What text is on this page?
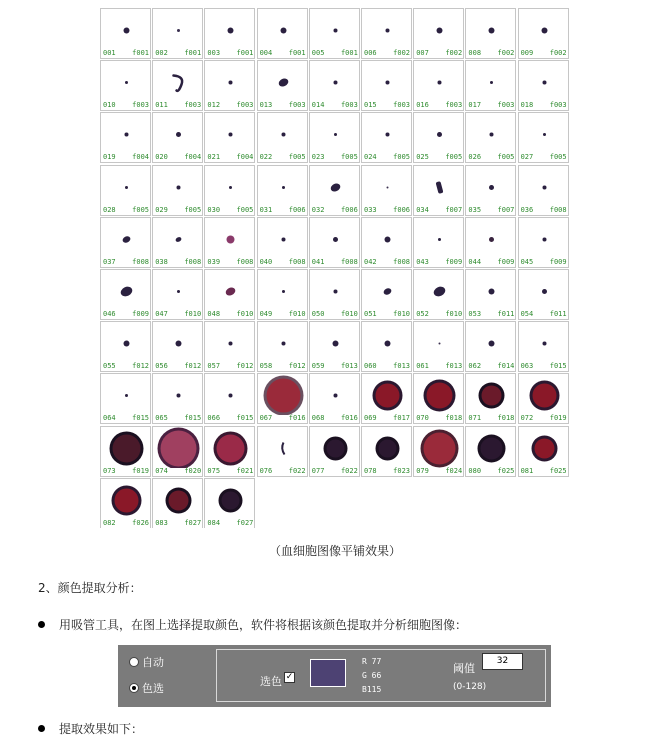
001 f001 002 f001 003 f001 004 f001 005 f001 006 f002 007 f002 008 f002 009 f002
010 f003 011 f003 012 f003 013 f003 014 f003 015 f003 016 f003 017 f003 018 f003
019 f004 020 f004 021 f004 022 f005 023 f005 024 f005 025 f005 026 f005 027 f005
028 f005 029 f005 030 f005 031 f006 032 f006 033 f006 034 f007 035 f007 036 f008
037 f008 038 f008 039 f008 040 f008 041 f008 042 f008 043 f009 044 f009 045 f009
046 f009 047 f010 048 f010 049 f010 050 f010 051 f010 052 f010 053 f011 054 f011
055 f012 056 f012 057 f012 058 f012 059 f013 060 f013 061 f013 062 f014 063 f015
064 f015 065 f015 066 f015 067 f016 068 f016 069 f017 070 f018 071 f018 072 f019
073 f019 074 f020 075 f021 076 f022 077 f022 078 f023 079 f024 080 f025 081 f025
082 f026 083 f027 084 f027
（血细胞图像平铺效果）
2、颜色提取分析：
用吸管工具，在图上选择提取颜色，软件将根据该颜色提取并分析细胞图像：
自动
色选
选色 ✓
R 77
G 66
B115
阈值
32
(0-128)
提取效果如下：
